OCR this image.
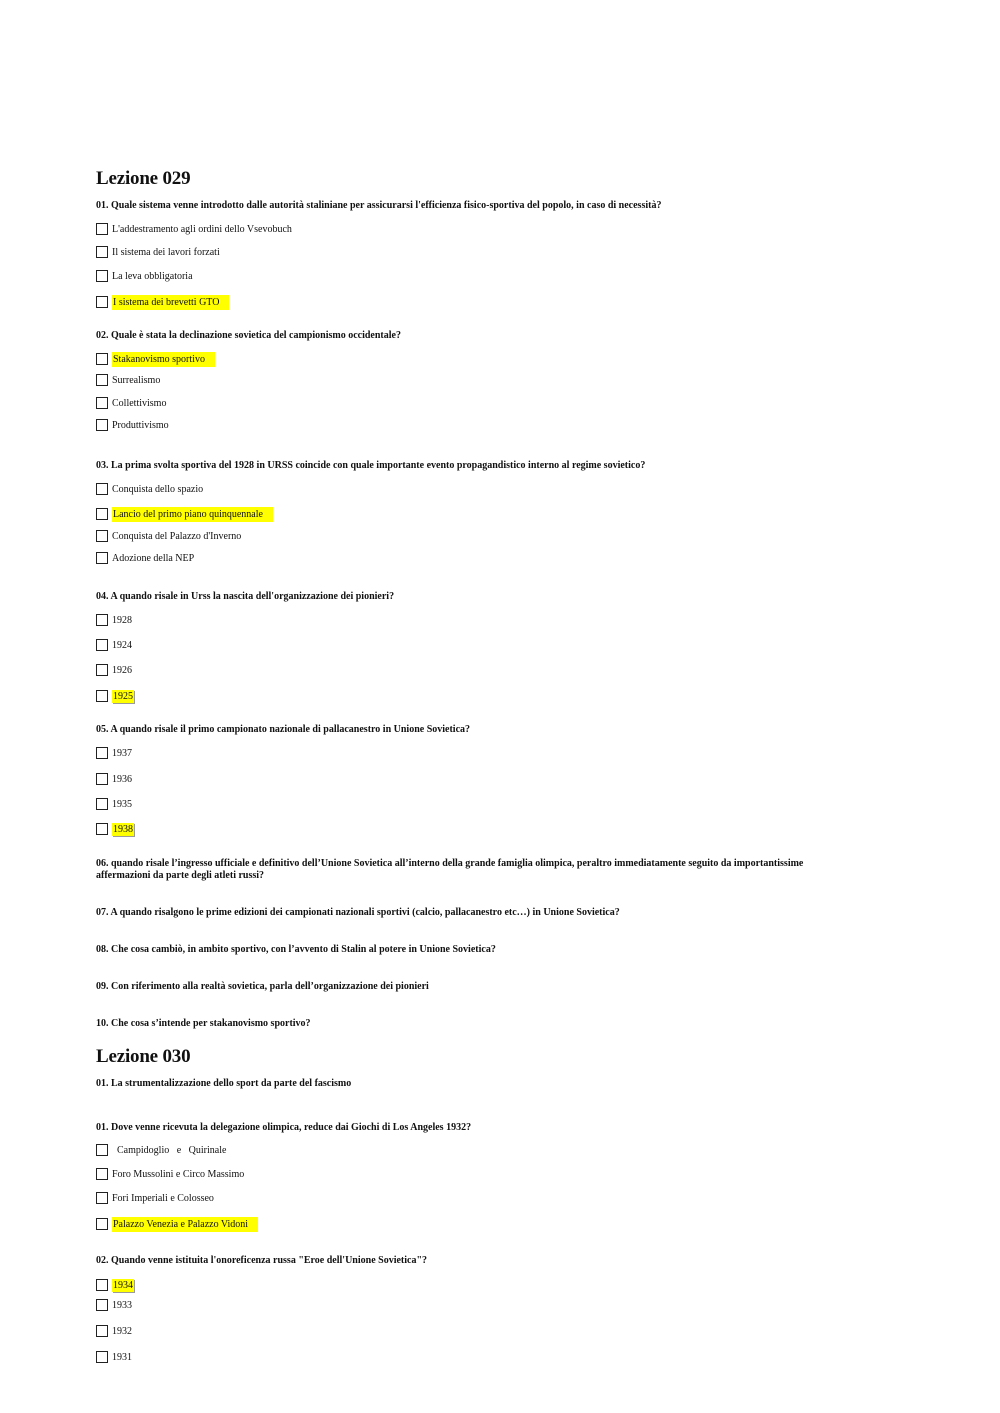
Lezione 029
01. Quale sistema venne introdotto dalle autorità staliniane per assicurarsi l'efficienza fisico-sportiva del popolo, in caso di necessità?
L'addestramento agli ordini dello Vsevobuch
Il sistema dei lavori forzati
La leva obbligatoria
I sistema dei brevetti GTO
02. Quale è stata la declinazione sovietica del campionismo occidentale?
Stakanovismo sportivo
Surrealismo
Collettivismo
Produttivismo
03. La prima svolta sportiva del 1928 in URSS coincide con quale importante evento propagandistico interno al regime sovietico?
Conquista dello spazio
Lancio del primo piano quinquennale
Conquista del Palazzo d'Inverno
Adozione della NEP
04. A quando risale in Urss la nascita dell'organizzazione dei pionieri?
1928
1924
1926
1925
05. A quando risale il primo campionato nazionale di pallacanestro in Unione Sovietica?
1937
1936
1935
1938
06. quando risale l’ingresso ufficiale e definitivo dell’Unione Sovietica all’interno della grande famiglia olimpica, peraltro immediatamente seguito da importantissime affermazioni da parte degli atleti russi?
07. A quando risalgono le prime edizioni dei campionati nazionali sportivi (calcio, pallacanestro etc…) in Unione Sovietica?
08. Che cosa cambiò, in ambito sportivo, con l’avvento di Stalin al potere in Unione Sovietica?
09. Con riferimento alla realtà sovietica, parla dell’organizzazione dei pionieri
10. Che cosa s’intende per stakanovismo sportivo?
Lezione 030
01. La strumentalizzazione dello sport da parte del fascismo
01. Dove venne ricevuta la delegazione olimpica, reduce dai Giochi di Los Angeles 1932?
Campidoglio   e   Quirinale
Foro Mussolini e Circo Massimo
Fori Imperiali e Colosseo
Palazzo Venezia e Palazzo Vidoni
02. Quando venne istituita l'onoreficenza russa "Eroe dell'Unione Sovietica"?
1934
1933
1932
1931
